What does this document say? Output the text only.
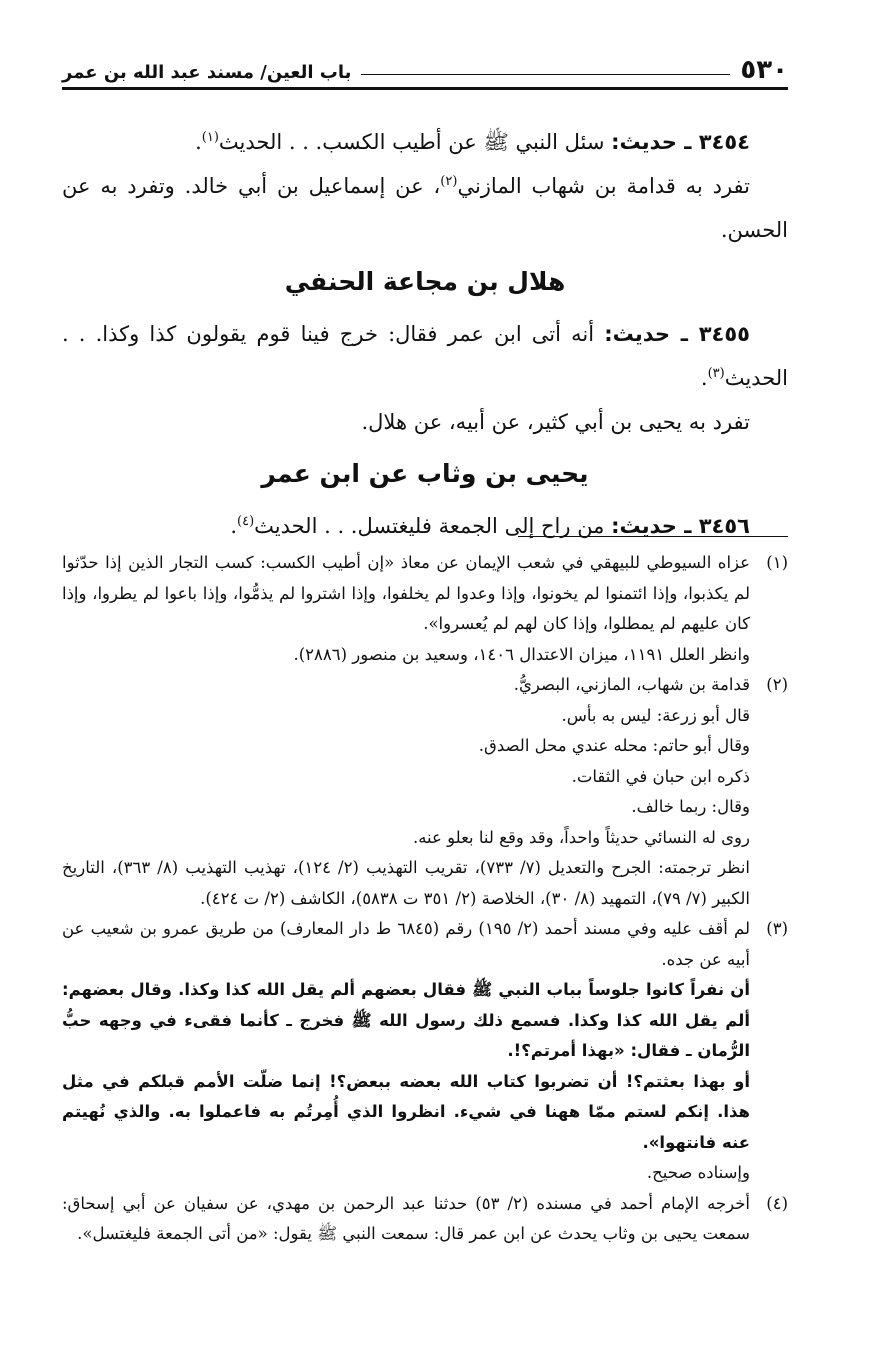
٥٣٠
باب العين/ مسند عبد الله بن عمر

٣٤٥٤ ـ حديث: سئل النبي ﷺ عن أطيب الكسب. . . الحديث$^{(١)}$.

تفرد به قدامة بن شهاب المازني$^{(٢)}$، عن إسماعيل بن أبي خالد. وتفرد به عن الحسن.

هلال بن مجاعة الحنفي

٣٤٥٥ ـ حديث: أنه أتى ابن عمر فقال: خرج فينا قوم يقولون كذا وكذا. . . الحديث$^{(٣)}$.

تفرد به يحيى بن أبي كثير، عن أبيه، عن هلال.

يحيى بن وثاب عن ابن عمر

٣٤٥٦ ـ حديث: من راح إلى الجمعة فليغتسل. . . الحديث$^{(٤)}$.

(١)

عزاه السيوطي للبيهقي في شعب الإيمان عن معاذ «إن أطيب الكسب: كسب التجار الذين إذا حدّثوا لم يكذبوا، وإذا ائتمنوا لم يخونوا، وإذا وعدوا لم يخلفوا، وإذا اشتروا لم يذمُّوا، وإذا باعوا لم يطروا، وإذا كان عليهم لم يمطلوا، وإذا كان لهم لم يُعسروا».

وانظر العلل ١١٩١، ميزان الاعتدال ١٤٠٦، وسعيد بن منصور (٢٨٨٦).

(٢)

قدامة بن شهاب، المازني، البصريُّ.

قال أبو زرعة: ليس به بأس.

وقال أبو حاتم: محله عندي محل الصدق.

ذكره ابن حبان في الثقات.

وقال: ربما خالف.

روى له النسائي حديثاً واحداً، وقد وقع لنا بعلو عنه.

انظر ترجمته: الجرح والتعديل (٧/ ٧٣٣)، تقريب التهذيب (٢/ ١٢٤)، تهذيب التهذيب (٨/ ٣٦٣)، التاريخ الكبير (٧/ ٧٩)، التمهيد (٨/ ٣٠)، الخلاصة (٢/ ٣٥١ ت ٥٨٣٨)، الكاشف (٢/ ت ٤٢٤).

(٣)

لم أقف عليه وفي مسند أحمد (٢/ ١٩٥) رقم (٦٨٤٥ ط دار المعارف) من طريق عمرو بن شعيب عن أبيه عن جده.

أن نفراً كانوا جلوساً بباب النبي ﷺ فقال بعضهم ألم يقل الله كذا وكذا. وقال بعضهم: ألم يقل الله كذا وكذا. فسمع ذلك رسول الله ﷺ فخرج ـ كأنما فقىء في وجهه حبُّ الرُّمان ـ فقال: «بهذا أمرتم؟!.

أو بهذا بعثتم؟! أن تضربوا كتاب الله بعضه ببعض؟! إنما ضلّت الأمم قبلكم في مثل هذا. إنكم لستم ممّا ههنا في شيء. انظروا الذي أُمِرتُم به فاعملوا به. والذي نُهيتم عنه فانتهوا».

وإسناده صحيح.

(٤)

أخرجه الإمام أحمد في مسنده (٢/ ٥٣) حدثنا عبد الرحمن بن مهدي، عن سفيان عن أبي إسحاق: سمعت يحيى بن وثاب يحدث عن ابن عمر قال: سمعت النبي ﷺ يقول: «من أتى الجمعة فليغتسل».
